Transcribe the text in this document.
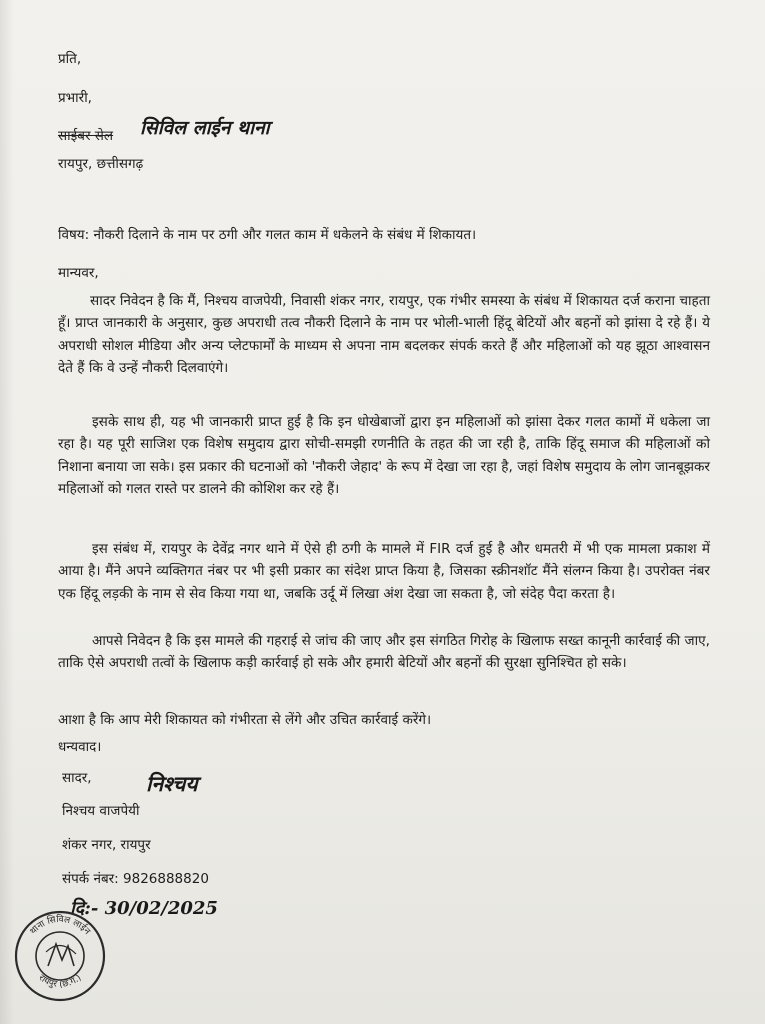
प्रति,
प्रभारी,
साईबर सेल सिविल लाईन थाना
रायपुर, छत्तीसगढ़
विषय: नौकरी दिलाने के नाम पर ठगी और गलत काम में धकेलने के संबंध में शिकायत।
मान्यवर,
सादर निवेदन है कि मैं, निश्चय वाजपेयी, निवासी शंकर नगर, रायपुर, एक गंभीर समस्या के संबंध में शिकायत दर्ज कराना चाहता हूँ। प्राप्त जानकारी के अनुसार, कुछ अपराधी तत्व नौकरी दिलाने के नाम पर भोली-भाली हिंदू बेटियों और बहनों को झांसा दे रहे हैं। ये अपराधी सोशल मीडिया और अन्य प्लेटफार्मों के माध्यम से अपना नाम बदलकर संपर्क करते हैं और महिलाओं को यह झूठा आश्वासन देते हैं कि वे उन्हें नौकरी दिलवाएंगे।
इसके साथ ही, यह भी जानकारी प्राप्त हुई है कि इन धोखेबाजों द्वारा इन महिलाओं को झांसा देकर गलत कामों में धकेला जा रहा है। यह पूरी साजिश एक विशेष समुदाय द्वारा सोची-समझी रणनीति के तहत की जा रही है, ताकि हिंदू समाज की महिलाओं को निशाना बनाया जा सके। इस प्रकार की घटनाओं को 'नौकरी जेहाद' के रूप में देखा जा रहा है, जहां विशेष समुदाय के लोग जानबूझकर महिलाओं को गलत रास्ते पर डालने की कोशिश कर रहे हैं।
इस संबंध में, रायपुर के देवेंद्र नगर थाने में ऐसे ही ठगी के मामले में FIR दर्ज हुई है और धमतरी में भी एक मामला प्रकाश में आया है। मैंने अपने व्यक्तिगत नंबर पर भी इसी प्रकार का संदेश प्राप्त किया है, जिसका स्क्रीनशॉट मैंने संलग्न किया है। उपरोक्त नंबर एक हिंदू लड़की के नाम से सेव किया गया था, जबकि उर्दू में लिखा अंश देखा जा सकता है, जो संदेह पैदा करता है।
आपसे निवेदन है कि इस मामले की गहराई से जांच की जाए और इस संगठित गिरोह के खिलाफ सख्त कानूनी कार्रवाई की जाए, ताकि ऐसे अपराधी तत्वों के खिलाफ कड़ी कार्रवाई हो सके और हमारी बेटियों और बहनों की सुरक्षा सुनिश्चित हो सके।
आशा है कि आप मेरी शिकायत को गंभीरता से लेंगे और उचित कार्रवाई करेंगे।
धन्यवाद।
सादर,	निश्चय
निश्चय वाजपेयी
शंकर नगर, रायपुर
संपर्क नंबर: 9826888820
दि:- 30/02/2025
थाना सिविल लाईन
रायपुर (छ.ग.)
